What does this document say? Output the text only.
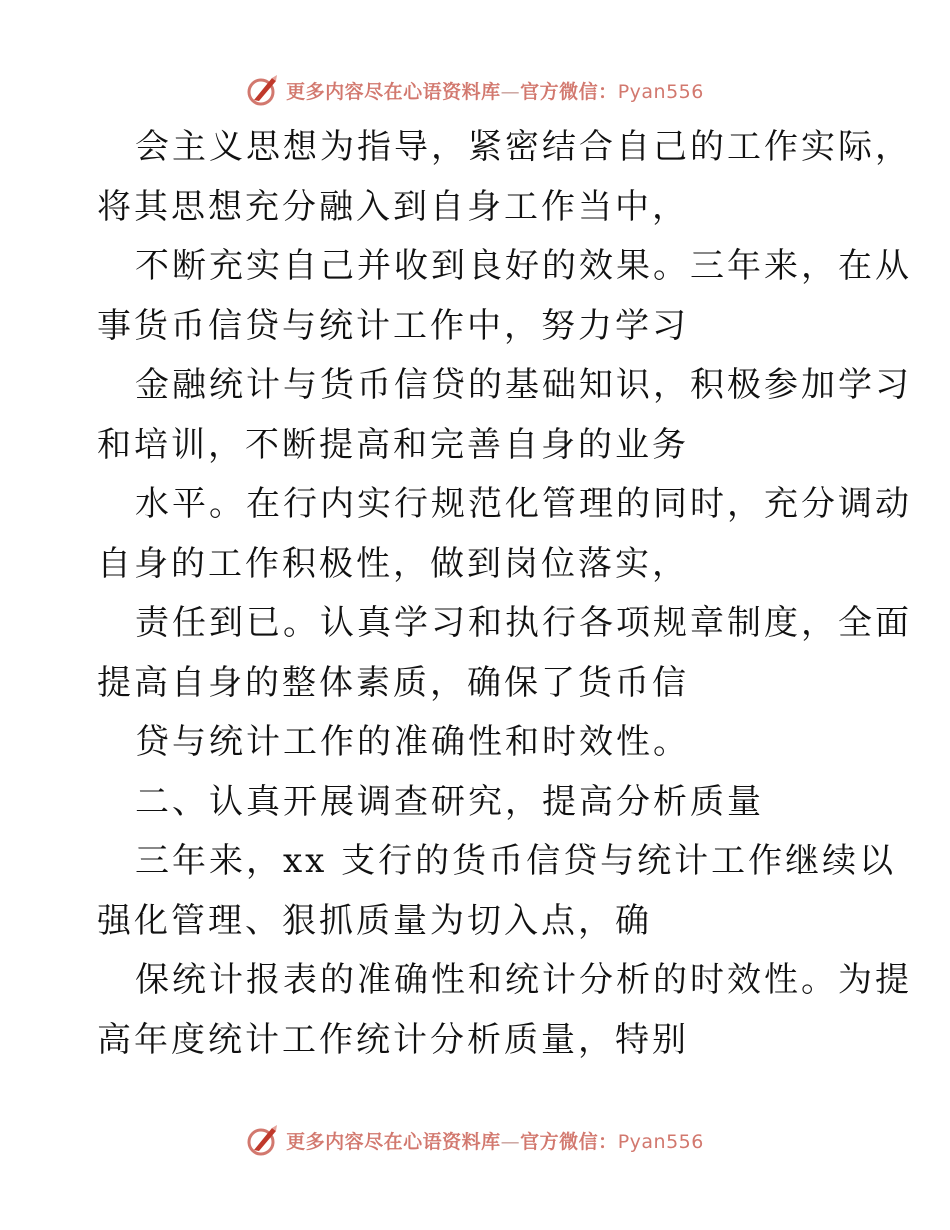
更多内容尽在心语资料库—官方微信：Pyan556

会主义思想为指导，紧密结合自己的工作实际，

将其思想充分融入到自身工作当中，

不断充实自己并收到良好的效果。三年来，在从

事货币信贷与统计工作中，努力学习

金融统计与货币信贷的基础知识，积极参加学习

和培训，不断提高和完善自身的业务

水平。在行内实行规范化管理的同时，充分调动

自身的工作积极性，做到岗位落实，

责任到已。认真学习和执行各项规章制度，全面

提高自身的整体素质，确保了货币信

贷与统计工作的准确性和时效性。

二、认真开展调查研究，提高分析质量

三年来，xx 支行的货币信贷与统计工作继续以

强化管理、狠抓质量为切入点，确

保统计报表的准确性和统计分析的时效性。为提

高年度统计工作统计分析质量，特别

更多内容尽在心语资料库—官方微信：Pyan556
